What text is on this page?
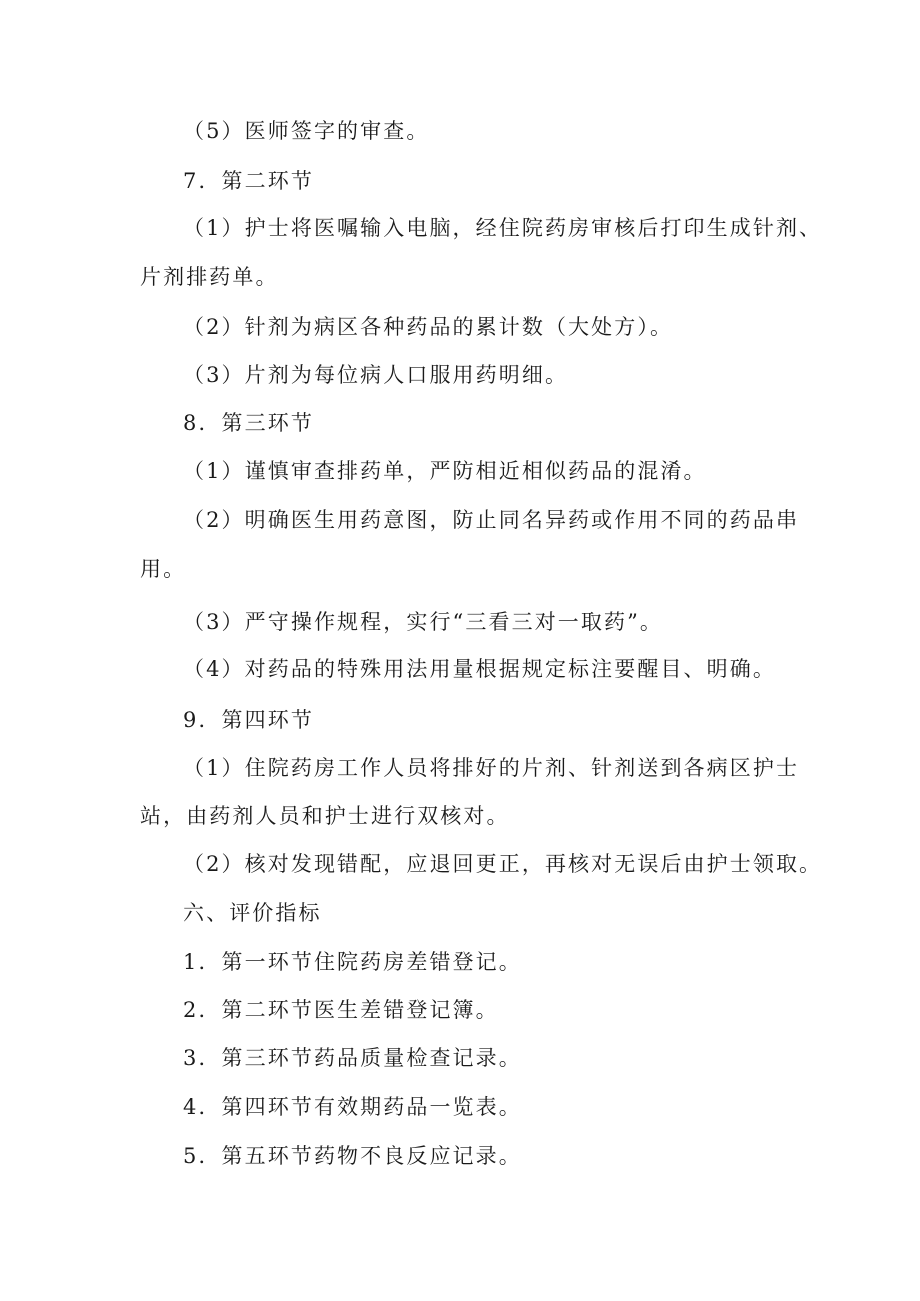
（5）医师签字的审查。
7．第二环节
（1）护士将医嘱输入电脑，经住院药房审核后打印生成针剂、
片剂排药单。
（2）针剂为病区各种药品的累计数（大处方）。
（3）片剂为每位病人口服用药明细。
8．第三环节
（1）谨慎审查排药单，严防相近相似药品的混淆。
（2）明确医生用药意图，防止同名异药或作用不同的药品串
用。
（3）严守操作规程，实行“三看三对一取药”。
（4）对药品的特殊用法用量根据规定标注要醒目、明确。
9．第四环节
（1）住院药房工作人员将排好的片剂、针剂送到各病区护士
站，由药剂人员和护士进行双核对。
（2）核对发现错配，应退回更正，再核对无误后由护士领取。
六、评价指标
1．第一环节住院药房差错登记。
2．第二环节医生差错登记簿。
3．第三环节药品质量检查记录。
4．第四环节有效期药品一览表。
5．第五环节药物不良反应记录。
